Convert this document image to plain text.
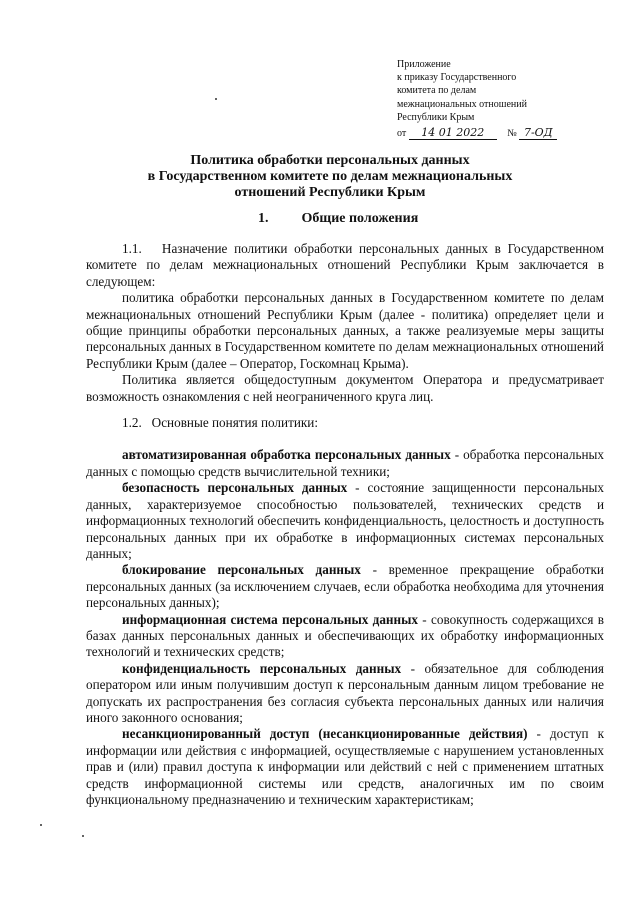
Приложение
к приказу Государственного
комитета по делам
межнациональных отношений
Республики Крым
от 14 01 2022 № 7-ОД
Политика обработки персональных данных
в Государственном комитете по делам межнациональных
отношений Республики Крым
1. Общие положения

1.1.   Назначение политики обработки персональных данных в Государственном комитете по делам межнациональных отношений Республики Крым заключается в следующем:

политика обработки персональных данных в Государственном комитете по делам межнациональных отношений Республики Крым (далее - политика) определяет цели и общие принципы обработки персональных данных, а также реализуемые меры защиты персональных данных в Государственном комитете по делам межнациональных отношений Республики Крым (далее – Оператор, Госкомнац Крыма).

Политика является общедоступным документом Оператора и предусматривает возможность ознакомления с ней неограниченного круга лиц.

1.2.   Основные понятия политики:

автоматизированная обработка персональных данных - обработка персональных данных с помощью средств вычислительной техники;

безопасность персональных данных - состояние защищенности персональных данных, характеризуемое способностью пользователей, технических средств и информационных технологий обеспечить конфиденциальность, целостность и доступность персональных данных при их обработке в информационных системах персональных данных;

блокирование персональных данных - временное прекращение обработки персональных данных (за исключением случаев, если обработка необходима для уточнения персональных данных);

информационная система персональных данных - совокупность содержащихся в базах данных персональных данных и обеспечивающих их обработку информационных технологий и технических средств;

конфиденциальность персональных данных - обязательное для соблюдения оператором или иным получившим доступ к персональным данным лицом требование не допускать их распространения без согласия субъекта персональных данных или наличия иного законного основания;

несанкционированный доступ (несанкционированные действия) - доступ к информации или действия с информацией, осуществляемые с нарушением установленных прав и (или) правил доступа к информации или действий с ней с применением штатных средств информационной системы или средств, аналогичных им по своим функциональному предназначению и техническим характеристикам;
